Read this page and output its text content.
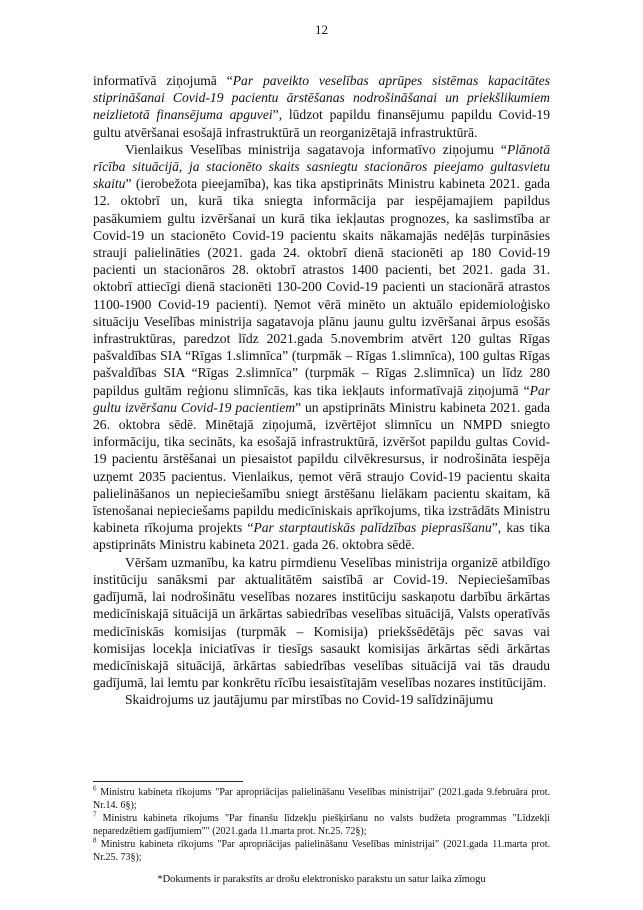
12

informatīvā ziņojumā “Par paveikto veselības aprūpes sistēmas kapacitātes stiprināšanai Covid-19 pacientu ārstēšanas nodrošināšanai un priekšlikumiem neizlietotā finansējuma apguvei”, lūdzot papildu finansējumu papildu Covid-19 gultu atvēršanai esošajā infrastruktūrā un reorganizētajā infrastruktūrā.

Vienlaikus Veselības ministrija sagatavoja informatīvo ziņojumu “Plānotā rīcība situācijā, ja stacionēto skaits sasniegtu stacionāros pieejamo gultasvietu skaitu” (ierobežota pieejamība), kas tika apstiprināts Ministru kabineta 2021. gada 12. oktobrī un, kurā tika sniegta informācija par iespējamajiem papildus pasākumiem gultu izvēršanai un kurā tika iekļautas prognozes, ka saslimstība ar Covid-19 un stacionēto Covid-19 pacientu skaits nākamajās nedēļās turpināsies strauji palielināties (2021. gada 24. oktobrī dienā stacionēti ap 180 Covid-19 pacienti un stacionāros 28. oktobrī atrastos 1400 pacienti, bet 2021. gada 31. oktobrī attiecīgi dienā stacionēti 130-200 Covid-19 pacienti un stacionārā atrastos 1100-1900 Covid-19 pacienti). Ņemot vērā minēto un aktuālo epidemioloģisko situāciju Veselības ministrija sagatavoja plānu jaunu gultu izvēršanai ārpus esošās infrastruktūras, paredzot līdz 2021.gada 5.novembrim atvērt 120 gultas Rīgas pašvaldības SIA “Rīgas 1.slimnīca” (turpmāk – Rīgas 1.slimnīca), 100 gultas Rīgas pašvaldības SIA “Rīgas 2.slimnīca” (turpmāk – Rīgas 2.slimnīca) un līdz 280 papildus gultām reģionu slimnīcās, kas tika iekļauts informatīvajā ziņojumā “Par gultu izvēršanu Covid-19 pacientiem” un apstiprināts Ministru kabineta 2021. gada 26. oktobra sēdē. Minētajā ziņojumā, izvērtējot slimnīcu un NMPD sniegto informāciju, tika secināts, ka esošajā infrastruktūrā, izvēršot papildu gultas Covid-19 pacientu ārstēšanai un piesaistot papildu cilvēkresursus, ir nodrošināta iespēja uzņemt 2035 pacientus. Vienlaikus, ņemot vērā straujo Covid-19 pacientu skaita palielināšanos un nepieciešamību sniegt ārstēšanu lielākam pacientu skaitam, kā īstenošanai nepieciešams papildu medicīniskais aprīkojums, tika izstrādāts Ministru kabineta rīkojuma projekts “Par starptautiskās palīdzības pieprasīšanu”, kas tika apstiprināts Ministru kabineta 2021. gada 26. oktobra sēdē.

Vēršam uzmanību, ka katru pirmdienu Veselības ministrija organizē atbildīgo institūciju sanāksmi par aktualitātēm saistībā ar Covid-19. Nepieciešamības gadījumā, lai nodrošinātu veselības nozares institūciju saskaņotu darbību ārkārtas medicīniskajā situācijā un ārkārtas sabiedrības veselības situācijā, Valsts operatīvās medicīniskās komisijas (turpmāk – Komisija) priekšsēdētājs pēc savas vai komisijas locekļa iniciatīvas ir tiesīgs sasaukt komisijas ārkārtas sēdi ārkārtas medicīniskajā situācijā, ārkārtas sabiedrības veselības situācijā vai tās draudu gadījumā, lai lemtu par konkrētu rīcību iesaistītajām veselības nozares institūcijām.

Skaidrojums uz jautājumu par mirstības no Covid-19 salīdzinājumu

$^6$ Ministru kabineta rīkojums "Par apropriācijas palielināšanu Veselības ministrijai" (2021.gada 9.februāra prot. Nr.14. 6§);

$^7$ Ministru kabineta rīkojums "Par finanšu līdzekļu piešķiršanu no valsts budžeta programmas "Līdzekļi neparedzētiem gadījumiem"" (2021.gada 11.marta prot. Nr.25. 72§);

$^8$ Ministru kabineta rīkojums "Par apropriācijas palielināšanu Veselības ministrijai" (2021.gada 11.marta prot. Nr.25. 73§);

*Dokuments ir parakstīts ar drošu elektronisko parakstu un satur laika zīmogu
